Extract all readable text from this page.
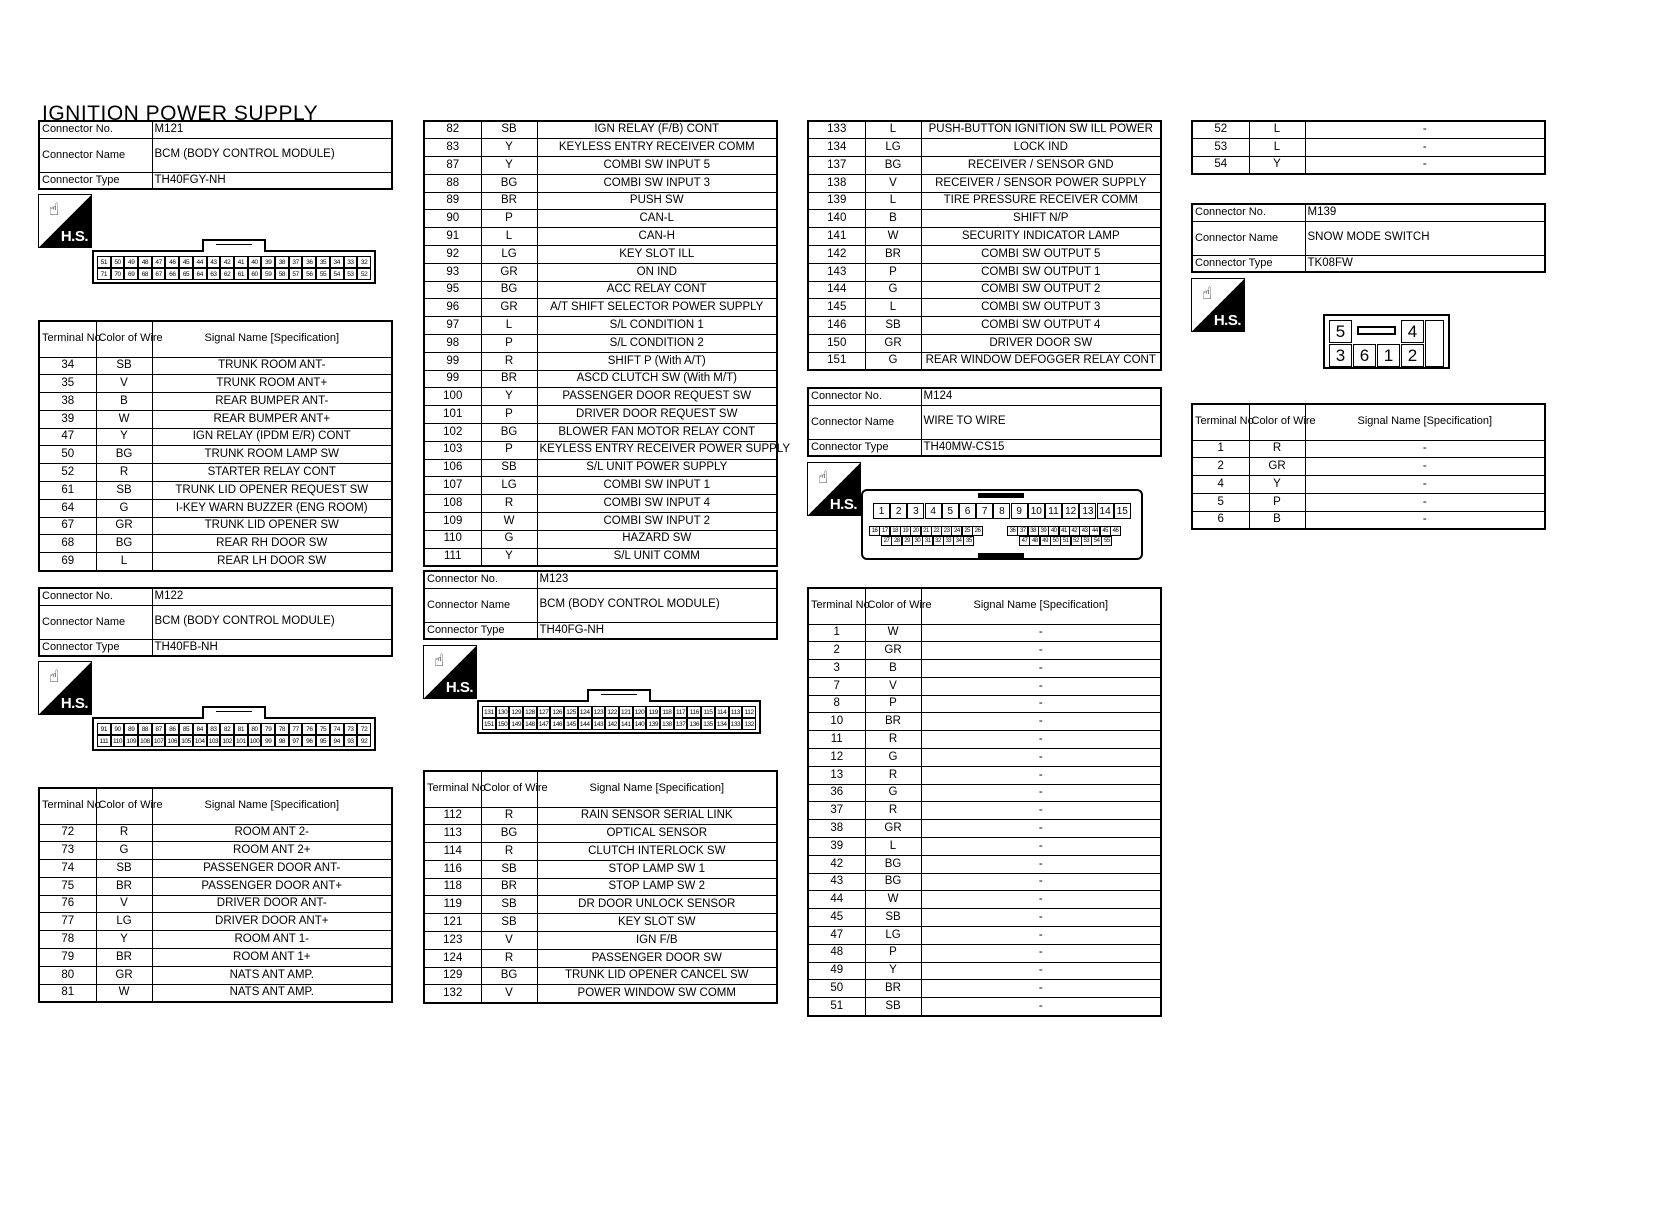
IGNITION POWER SUPPLY
Connector No.	M121
Connector Name	BCM (BODY CONTROL MODULE)
Connector Type	TH40FGY-NH
☝
H.S.
51	50	49	48	47	46	45	44	43	42	41	40	39	38	37	36	35	34	33	32
71	70	69	68	67	66	65	64	63	62	61	60	59	58	57	56	55	54	53	52
Terminal No.	Color of Wire	Signal Name [Specification]
34	SB	TRUNK ROOM ANT-
35	V	TRUNK ROOM ANT+
38	B	REAR BUMPER ANT-
39	W	REAR BUMPER ANT+
47	Y	IGN RELAY (IPDM E/R) CONT
50	BG	TRUNK ROOM LAMP SW
52	R	STARTER RELAY CONT
61	SB	TRUNK LID OPENER REQUEST SW
64	G	I-KEY WARN BUZZER (ENG ROOM)
67	GR	TRUNK LID OPENER SW
68	BG	REAR RH DOOR SW
69	L	REAR LH DOOR SW
Connector No.	M122
Connector Name	BCM (BODY CONTROL MODULE)
Connector Type	TH40FB-NH
☝
H.S.
91	90	89	88	87	86	85	84	83	82	81	80	79	78	77	76	75	74	73	72
111 110 109 108 107 106 105 104 103 102 101 100 99	98	97	96	95	94	93	92
Terminal No.	Color of Wire	Signal Name [Specification]
72	R	ROOM ANT 2-
73	G	ROOM ANT 2+
74	SB	PASSENGER DOOR ANT-
75	BR	PASSENGER DOOR ANT+
76	V	DRIVER DOOR ANT-
77	LG	DRIVER DOOR ANT+
78	Y	ROOM ANT 1-
79	BR	ROOM ANT 1+
80	GR	NATS ANT AMP.
81	W	NATS ANT AMP.
82	SB	IGN RELAY (F/B) CONT
83	Y	KEYLESS ENTRY RECEIVER COMM
87	Y	COMBI SW INPUT 5
88	BG	COMBI SW INPUT 3
89	BR	PUSH SW
90	P	CAN-L
91	L	CAN-H
92	LG	KEY SLOT ILL
93	GR	ON IND
95	BG	ACC RELAY CONT
96	GR	A/T SHIFT SELECTOR POWER SUPPLY
97	L	S/L CONDITION 1
98	P	S/L CONDITION 2
99	R	SHIFT P (With A/T)
99	BR	ASCD CLUTCH SW (With M/T)
100	Y	PASSENGER DOOR REQUEST SW
101	P	DRIVER DOOR REQUEST SW
102	BG	BLOWER FAN MOTOR RELAY CONT
103	P	KEYLESS ENTRY RECEIVER POWER SUPPLY
106	SB	S/L UNIT POWER SUPPLY
107	LG	COMBI SW INPUT 1
108	R	COMBI SW INPUT 4
109	W	COMBI SW INPUT 2
110	G	HAZARD SW
111	Y	S/L UNIT COMM
Connector No.	M123
Connector Name	BCM (BODY CONTROL MODULE)
Connector Type	TH40FG-NH
☝
H.S.
131 130 129 128 127 126 125 124 123 122 121 120 119 118 117 116 115 114 113 112
151 150 149 148 147 146 145 144 143 142 141 140 139 138 137 136 135 134 133 132
Terminal No.	Color of Wire	Signal Name [Specification]
112	R	RAIN SENSOR SERIAL LINK
113	BG	OPTICAL SENSOR
114	R	CLUTCH INTERLOCK SW
116	SB	STOP LAMP SW 1
118	BR	STOP LAMP SW 2
119	SB	DR DOOR UNLOCK SENSOR
121	SB	KEY SLOT SW
123	V	IGN F/B
124	R	PASSENGER DOOR SW
129	BG	TRUNK LID OPENER CANCEL SW
132	V	POWER WINDOW SW COMM
133	L	PUSH-BUTTON IGNITION SW ILL POWER
134	LG	LOCK IND
137	BG	RECEIVER / SENSOR GND
138	V	RECEIVER / SENSOR POWER SUPPLY
139	L	TIRE PRESSURE RECEIVER COMM
140	B	SHIFT N/P
141	W	SECURITY INDICATOR LAMP
142	BR	COMBI SW OUTPUT 5
143	P	COMBI SW OUTPUT 1
144	G	COMBI SW OUTPUT 2
145	L	COMBI SW OUTPUT 3
146	SB	COMBI SW OUTPUT 4
150	GR	DRIVER DOOR SW
151	G	REAR WINDOW DEFOGGER RELAY CONT
Connector No.	M124
Connector Name	WIRE TO WIRE
Connector Type	TH40MW-CS15
☝
H.S.	1	2	3	4	5	6	7	8	9 10 11 12 13 14 15
16 17 18 19 20 21 22 23 24 25 26	36 37 38 39 40 41 42 43 44 45 46
27 28 29 30 31 32 33 34 35	47 48 49 50 51 52 53 54 55
Terminal No.	Color of Wire	Signal Name [Specification]
1	W	-
2	GR	-
3	B	-
7	V	-
8	P	-
10	BR	-
11	R	-
12	G	-
13	R	-
36	G	-
37	R	-
38	GR	-
39	L	-
42	BG	-
43	BG	-
44	W	-
45	SB	-
47	LG	-
48	P	-
49	Y	-
50	BR	-
51	SB	-
52	L	-
53	L	-
54	Y	-
Connector No.	M139
Connector Name	SNOW MODE SWITCH
Connector Type	TK08FW
☝
H.S.
5	4
3 6 1 2
Terminal No.	Color of Wire	Signal Name [Specification]
1	R	-
2	GR	-
4	Y	-
5	P	-
6	B	-
